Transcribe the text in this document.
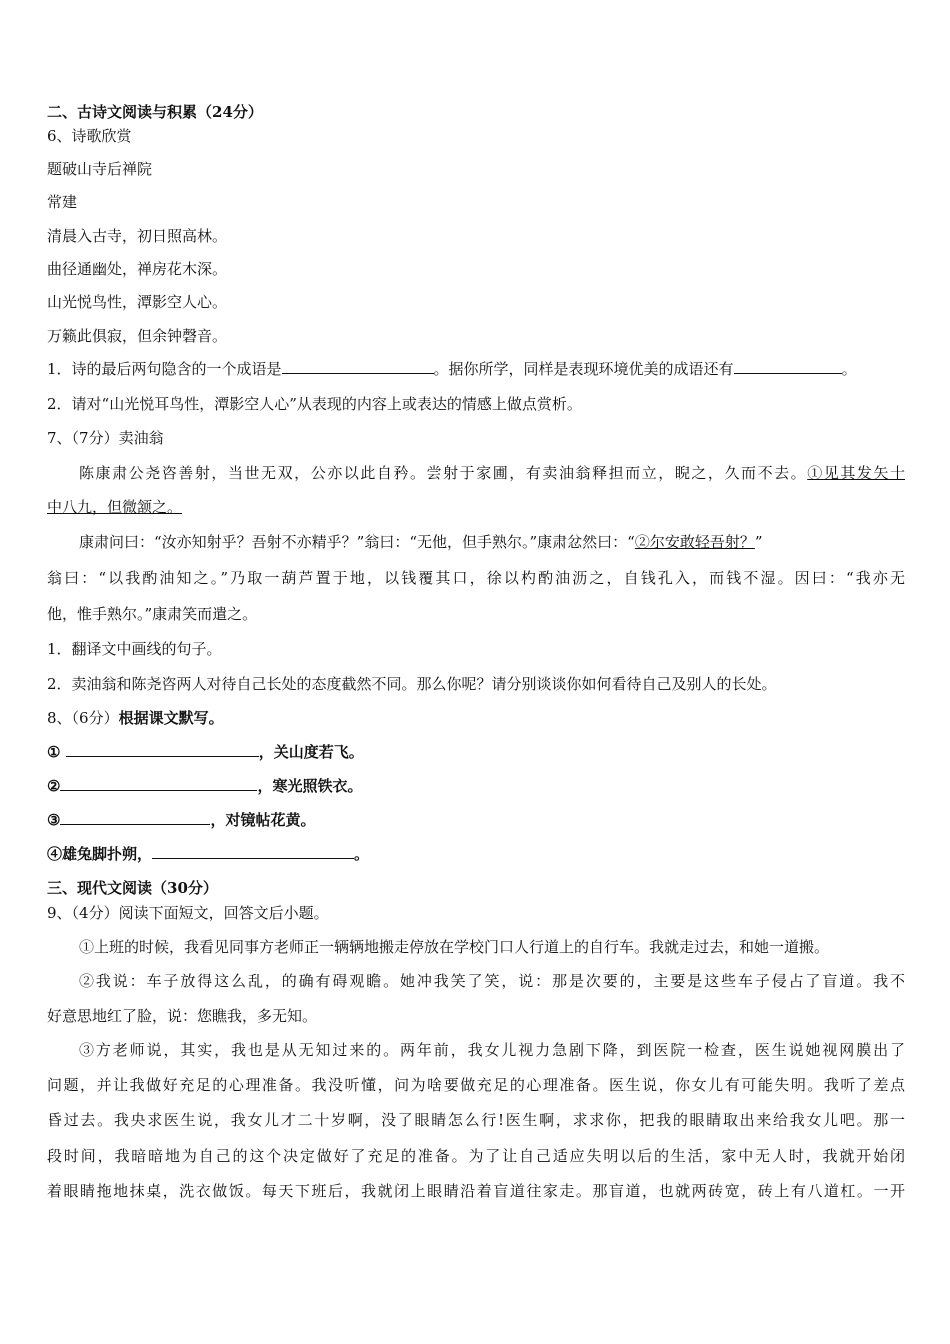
二、古诗文阅读与积累（24分）
6、诗歌欣赏
题破山寺后禅院
常建
清晨入古寺，初日照高林。
曲径通幽处，禅房花木深。
山光悦鸟性，潭影空人心。
万籁此俱寂，但余钟磬音。
1．诗的最后两句隐含的一个成语是	。据你所学，同样是表现环境优美的成语还有	。
2．请对“山光悦耳鸟性，潭影空人心”从表现的内容上或表达的情感上做点赏析。
7、（7分）卖油翁
陈康肃公尧咨善射，当世无双，公亦以此自矜。尝射于家圃，有卖油翁释担而立，睨之，久而不去。①见其发矢十
中八九，但微颔之。
康肃问曰：“汝亦知射乎？吾射不亦精乎？”翁曰：“无他，但手熟尔。”康肃忿然曰：“②尔安敢轻吾射？”
翁曰：“以我酌油知之。”乃取一葫芦置于地，以钱覆其口，徐以杓酌油沥之，自钱孔入，而钱不湿。因曰：“我亦无
他，惟手熟尔。”康肃笑而遣之。
1．翻译文中画线的句子。
2．卖油翁和陈尧咨两人对待自己长处的态度截然不同。那么你呢？请分别谈谈你如何看待自己及别人的长处。
8、（6分）根据课文默写。
①	，关山度若飞。
②	，寒光照铁衣。
③	，对镜帖花黄。
④雄兔脚扑朔，	。
三、现代文阅读（30分）
9、（4分）阅读下面短文，回答文后小题。
①上班的时候，我看见同事方老师正一辆辆地搬走停放在学校门口人行道上的自行车。我就走过去，和她一道搬。
②我说：车子放得这么乱，的确有碍观瞻。她冲我笑了笑，说：那是次要的，主要是这些车子侵占了盲道。我不
好意思地红了脸，说：您瞧我，多无知。
③方老师说，其实，我也是从无知过来的。两年前，我女儿视力急剧下降，到医院一检查，医生说她视网膜出了
问题，并让我做好充足的心理准备。我没听懂，问为啥要做充足的心理准备。医生说，你女儿有可能失明。我听了差点
昏过去。我央求医生说，我女儿才二十岁啊，没了眼睛怎么行!医生啊，求求你，把我的眼睛取出来给我女儿吧。那一
段时间，我暗暗地为自己的这个决定做好了充足的准备。为了让自己适应失明以后的生活，家中无人时，我就开始闭
着眼睛拖地抹桌，洗衣做饭。每天下班后，我就闭上眼睛沿着盲道往家走。那盲道，也就两砖宽，砖上有八道杠。一开
